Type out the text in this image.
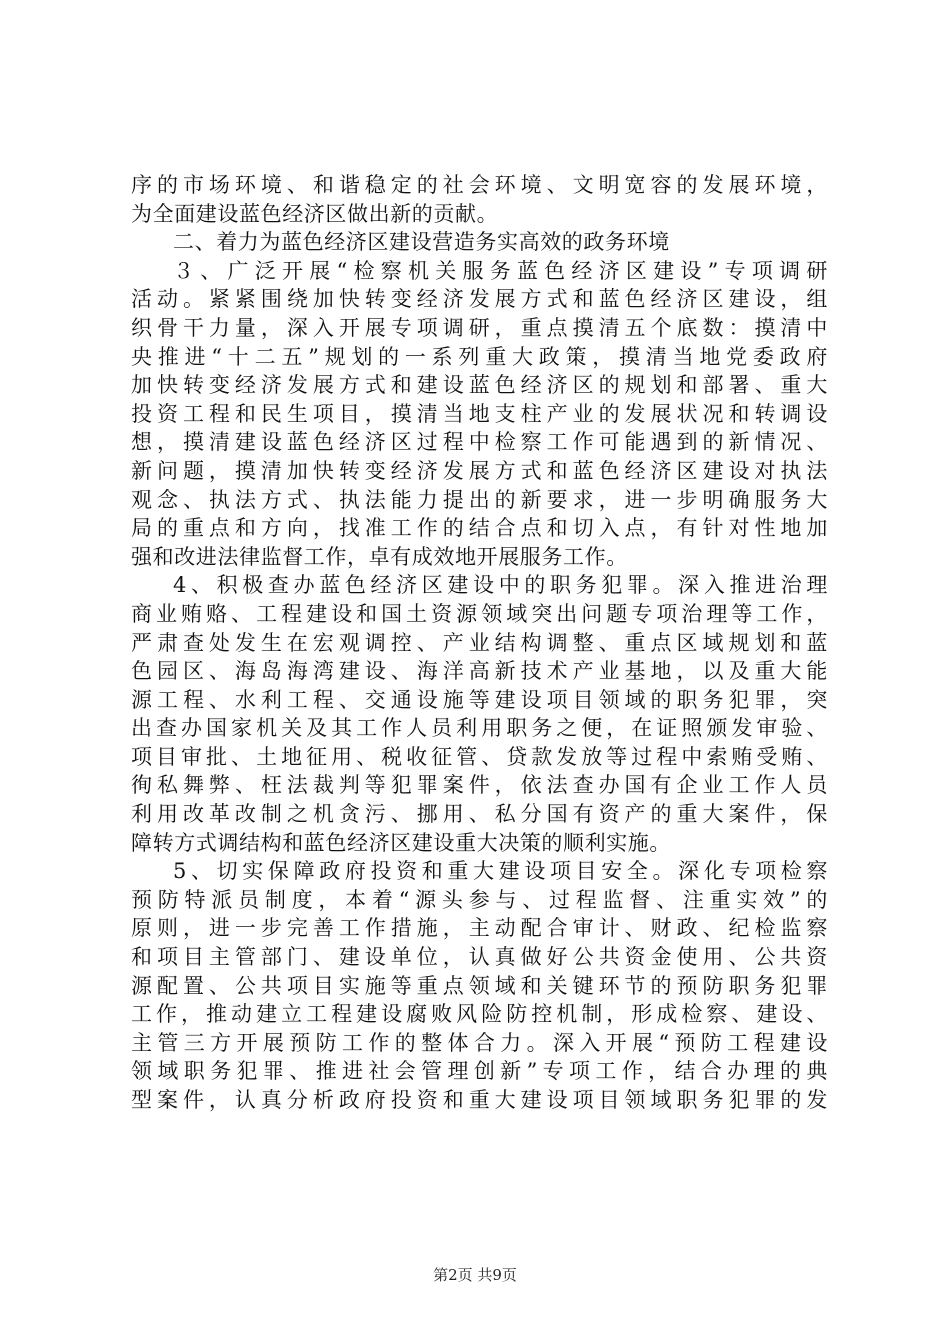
序的市场环境、和谐稳定的社会环境、文明宽容的发展环境，
为全面建设蓝色经济区做出新的贡献。
二、着力为蓝色经济区建设营造务实高效的政务环境
３、广泛开展“检察机关服务蓝色经济区建设”专项调研
活动。紧紧围绕加快转变经济发展方式和蓝色经济区建设，组
织骨干力量，深入开展专项调研，重点摸清五个底数：摸清中
央推进“十二五”规划的一系列重大政策，摸清当地党委政府
加快转变经济发展方式和建设蓝色经济区的规划和部署、重大
投资工程和民生项目，摸清当地支柱产业的发展状况和转调设
想，摸清建设蓝色经济区过程中检察工作可能遇到的新情况、
新问题，摸清加快转变经济发展方式和蓝色经济区建设对执法
观念、执法方式、执法能力提出的新要求，进一步明确服务大
局的重点和方向，找准工作的结合点和切入点，有针对性地加
强和改进法律监督工作，卓有成效地开展服务工作。
4、积极查办蓝色经济区建设中的职务犯罪。深入推进治理
商业贿赂、工程建设和国土资源领域突出问题专项治理等工作，
严肃查处发生在宏观调控、产业结构调整、重点区域规划和蓝
色园区、海岛海湾建设、海洋高新技术产业基地，以及重大能
源工程、水利工程、交通设施等建设项目领域的职务犯罪，突
出查办国家机关及其工作人员利用职务之便，在证照颁发审验、
项目审批、土地征用、税收征管、贷款发放等过程中索贿受贿、
徇私舞弊、枉法裁判等犯罪案件，依法查办国有企业工作人员
利用改革改制之机贪污、挪用、私分国有资产的重大案件，保
障转方式调结构和蓝色经济区建设重大决策的顺利实施。
5、切实保障政府投资和重大建设项目安全。深化专项检察
预防特派员制度，本着“源头参与、过程监督、注重实效”的
原则，进一步完善工作措施，主动配合审计、财政、纪检监察
和项目主管部门、建设单位，认真做好公共资金使用、公共资
源配置、公共项目实施等重点领域和关键环节的预防职务犯罪
工作，推动建立工程建设腐败风险防控机制，形成检察、建设、
主管三方开展预防工作的整体合力。深入开展“预防工程建设
领域职务犯罪、推进社会管理创新”专项工作，结合办理的典
型案件，认真分析政府投资和重大建设项目领域职务犯罪的发
第2页 共9页
